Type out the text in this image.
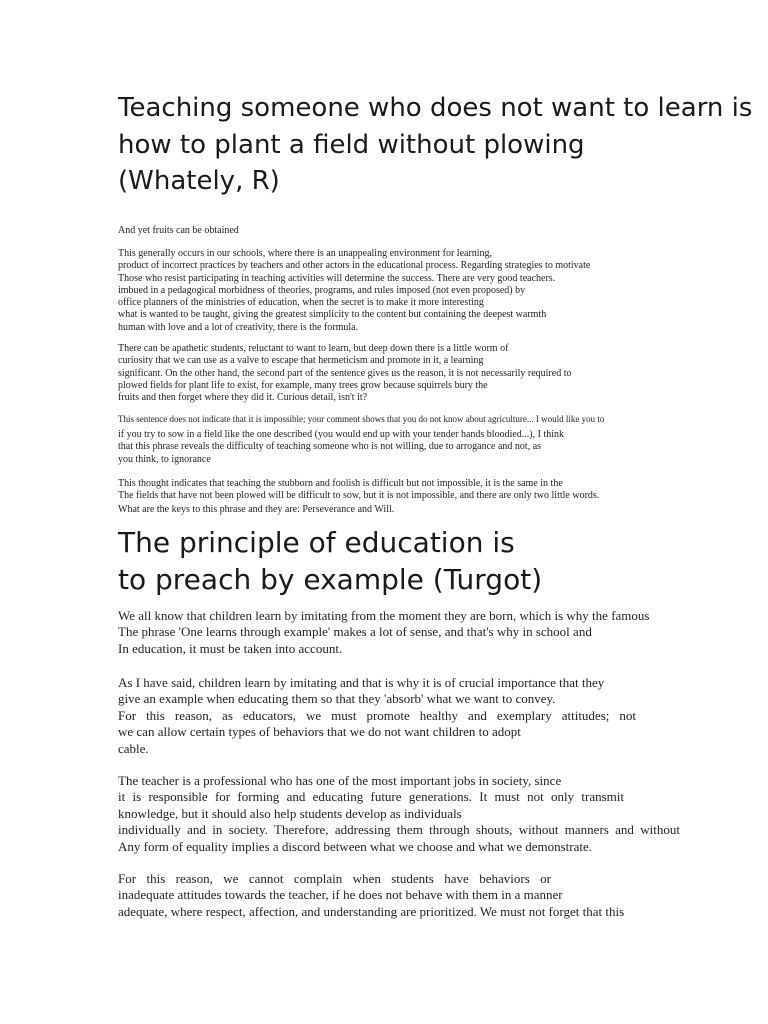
Teaching someone who does not want to learn is
how to plant a field without plowing
(Whately, R)
And yet fruits can be obtained
This generally occurs in our schools, where there is an unappealing environment for learning,
product of incorrect practices by teachers and other actors in the educational process. Regarding strategies to motivate
Those who resist participating in teaching activities will determine the success. There are very good teachers.
imbued in a pedagogical morbidness of theories, programs, and rules imposed (not even proposed) by
office planners of the ministries of education, when the secret is to make it more interesting
what is wanted to be taught, giving the greatest simplicity to the content but containing the deepest warmth
human with love and a lot of creativity, there is the formula.
There can be apathetic students, reluctant to want to learn, but deep down there is a little worm of
curiosity that we can use as a valve to escape that hermeticism and promote in it, a learning
significant. On the other hand, the second part of the sentence gives us the reason, it is not necessarily required to
plowed fields for plant life to exist, for example, many trees grow because squirrels bury the
fruits and then forget where they did it. Curious detail, isn't it?
This sentence does not indicate that it is impossible; your comment shows that you do not know about agriculture... I would like you to
if you try to sow in a field like the one described (you would end up with your tender hands bloodied...), I think
that this phrase reveals the difficulty of teaching someone who is not willing, due to arrogance and not, as
you think, to ignorance
This thought indicates that teaching the stubborn and foolish is difficult but not impossible, it is the same in the
The fields that have not been plowed will be difficult to sow, but it is not impossible, and there are only two little words.
What are the keys to this phrase and they are: Perseverance and Will.
The principle of education is
to preach by example (Turgot)
We all know that children learn by imitating from the moment they are born, which is why the famous
The phrase 'One learns through example' makes a lot of sense, and that's why in school and
In education, it must be taken into account.
As I have said, children learn by imitating and that is why it is of crucial importance that they
give an example when educating them so that they 'absorb' what we want to convey.
For this reason, as educators, we must promote healthy and exemplary attitudes; not
we can allow certain types of behaviors that we do not want children to adopt
cable.
The teacher is a professional who has one of the most important jobs in society, since
it is responsible for forming and educating future generations. It must not only transmit
knowledge, but it should also help students develop as individuals
individually and in society. Therefore, addressing them through shouts, without manners and without
Any form of equality implies a discord between what we choose and what we demonstrate.
For this reason, we cannot complain when students have behaviors or
inadequate attitudes towards the teacher, if he does not behave with them in a manner
adequate, where respect, affection, and understanding are prioritized. We must not forget that this
